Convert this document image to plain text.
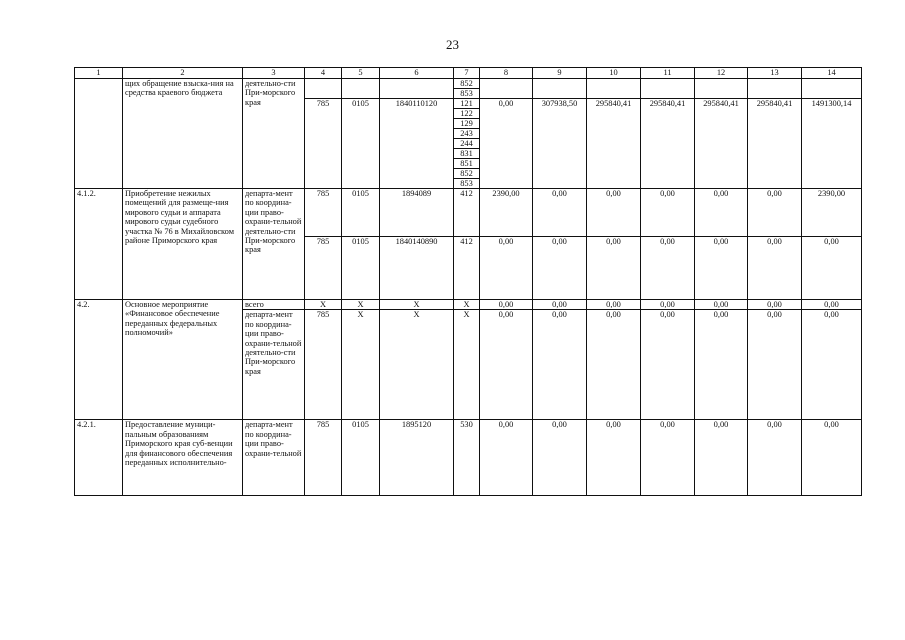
23
1	2	3	4	5	6	7	8	9	10	11	12	13	14
	щих обращение взыска-ния на средства краевого бюджета	деятельно-сти При-морского края				852							
						853							
			785	0105	1840110120	121	0,00	307938,50	295840,41	295840,41	295840,41	295840,41	1491300,14
						122							
						129							
						243							
						244							
						831							
						851							
						852							
						853							
4.1.2.	Приобретение нежилых помещений для размеще-ния мирового судьи и аппарата мирового судьи судебного участка № 76 в Михайловском районе Приморского края	департа-мент по координа-ции право-охрани-тельной деятельно-сти При-морского края	785	0105	1894089	412	2390,00	0,00	0,00	0,00	0,00	0,00	2390,00
			785	0105	1840140890	412	0,00	0,00	0,00	0,00	0,00	0,00	0,00
4.2.	Основное мероприятие «Финансовое обеспечение переданных федеральных полномочий»	всего	X	X	X	X	0,00	0,00	0,00	0,00	0,00	0,00	0,00
		департа-мент по координа-ции право-охрани-тельной деятельно-сти При-морского края	785	X	X	X	0,00	0,00	0,00	0,00	0,00	0,00	0,00
4.2.1.	Предоставление муници-пальным образованиям Приморского края суб-венции для финансового обеспечения переданных исполнительно-	департа-мент по координа-ции право-охрани-тельной	785	0105	1895120	530	0,00	0,00	0,00	0,00	0,00	0,00	0,00
